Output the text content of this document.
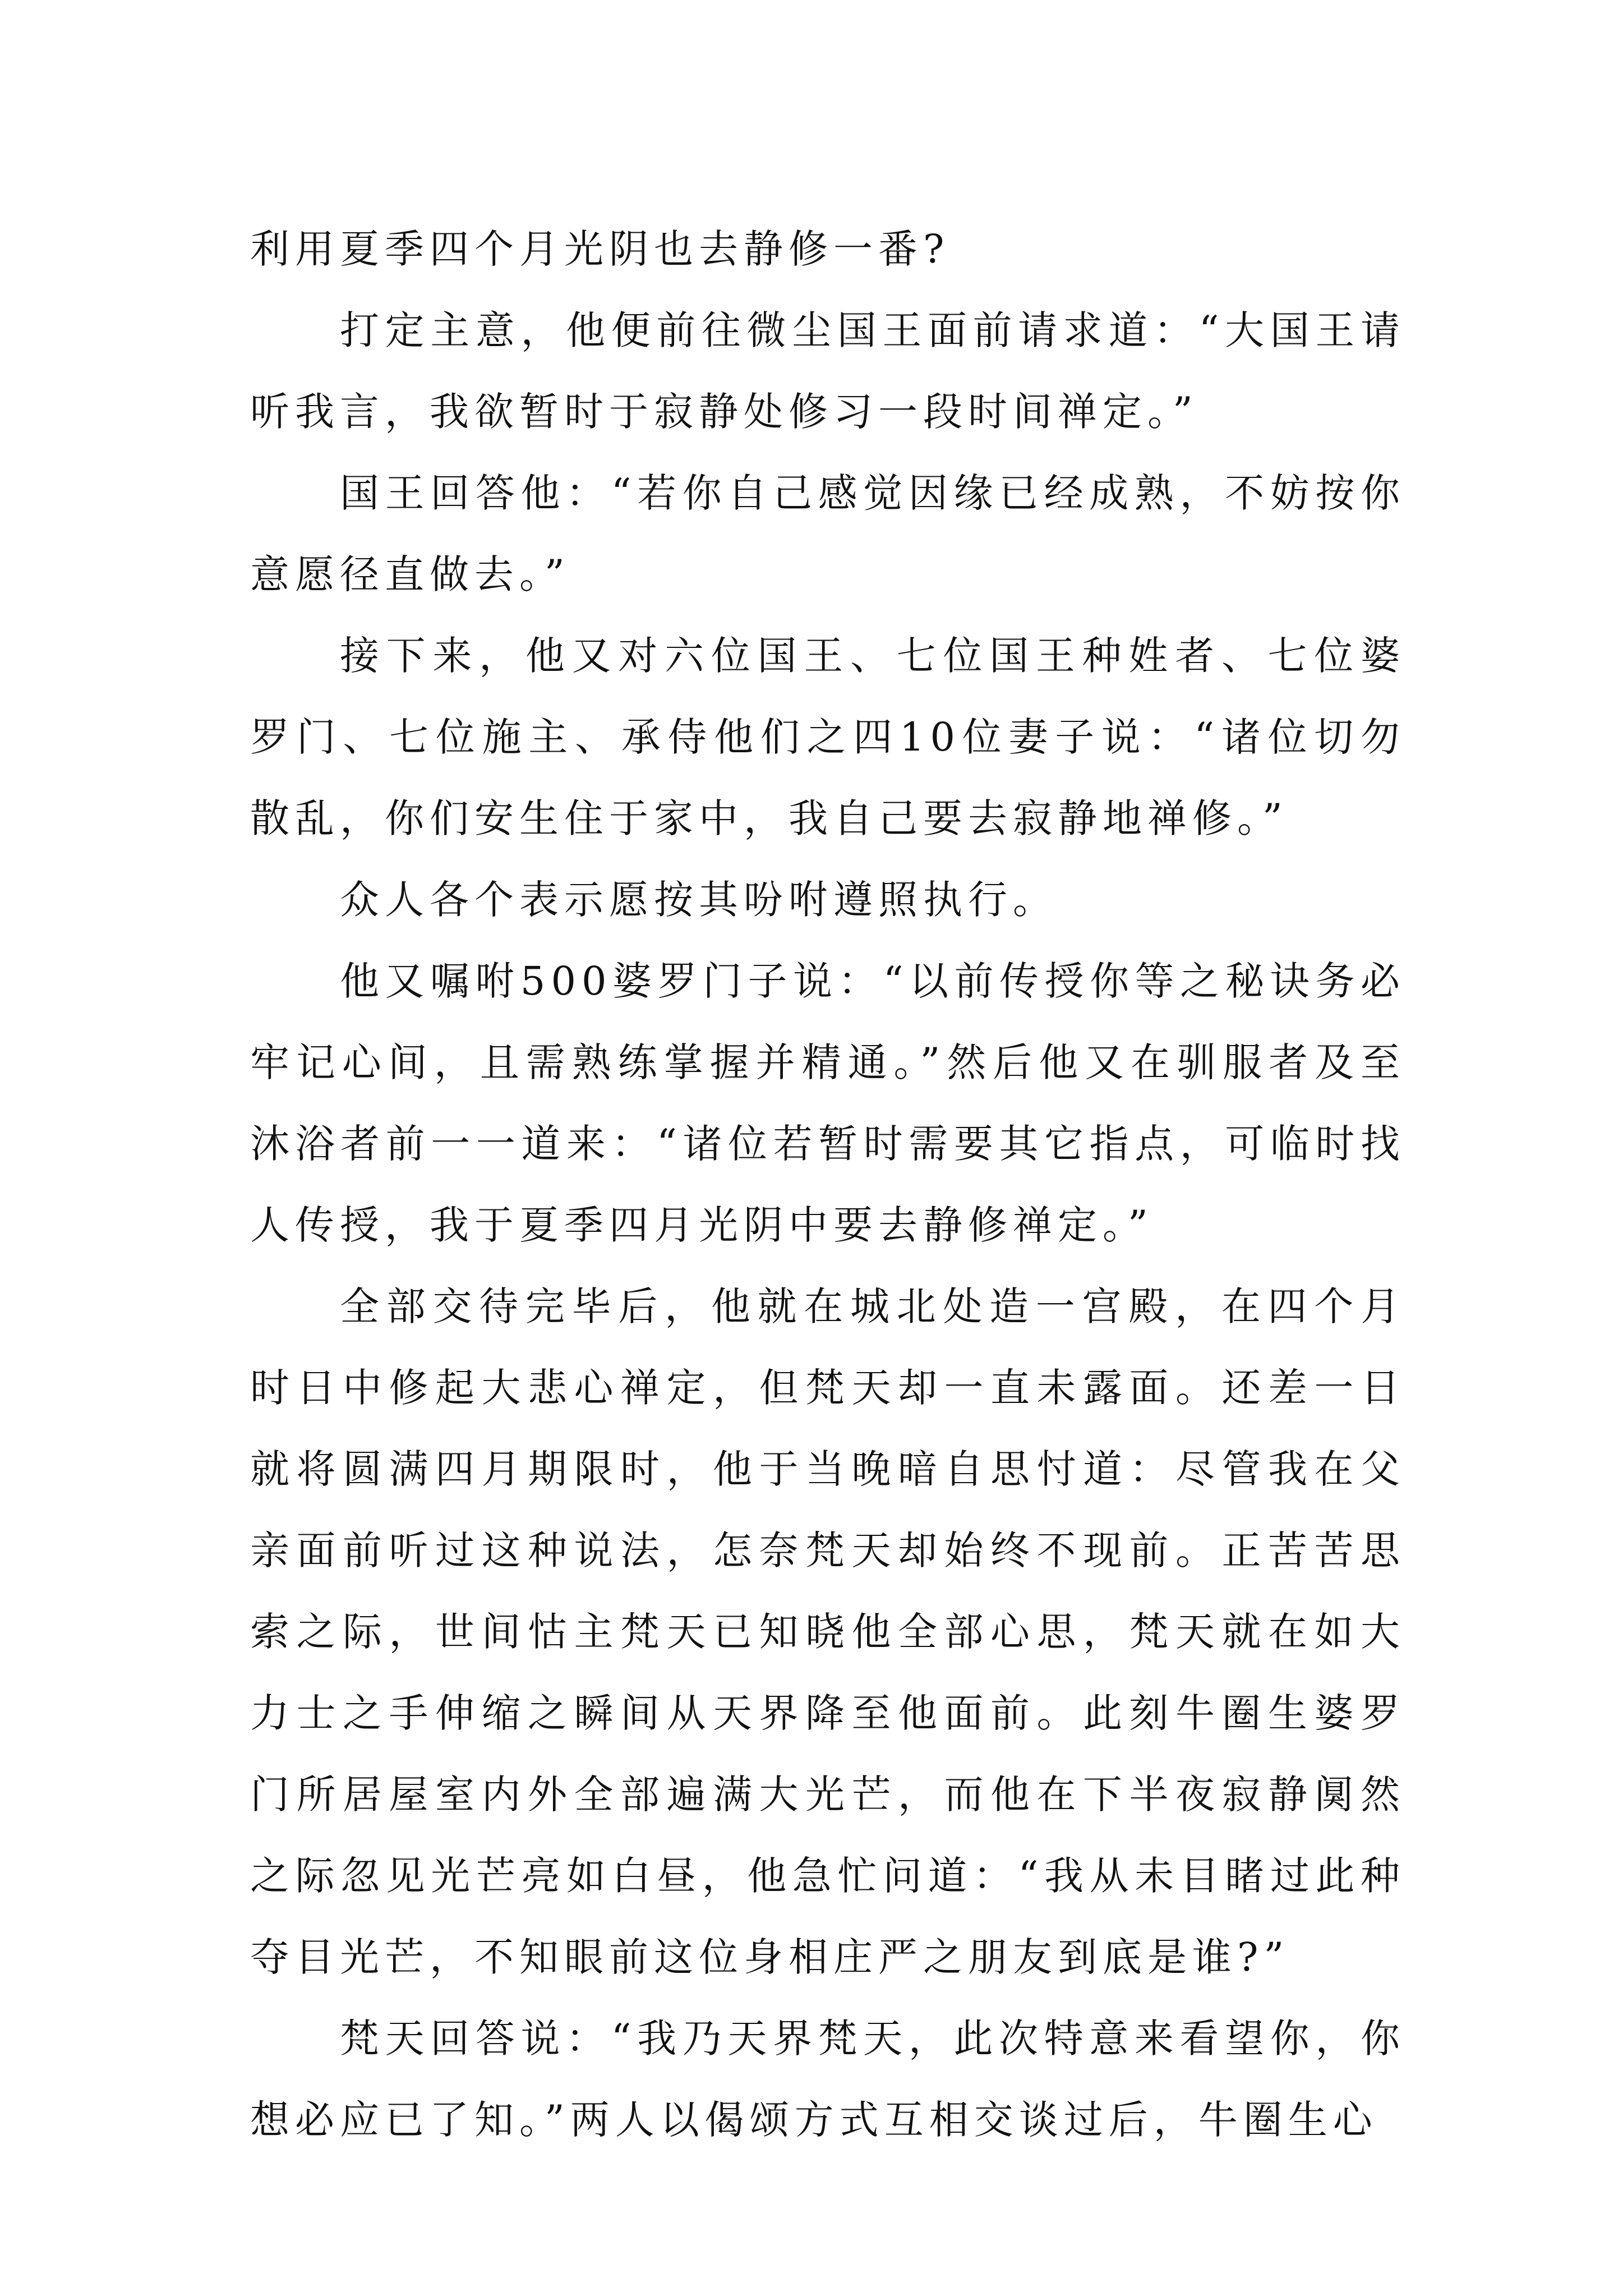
利用夏季四个月光阴也去静修一番?

打定主意，他便前往微尘国王面前请求道：“大国王请听我言，我欲暂时于寂静处修习一段时间禅定。”

国王回答他：“若你自己感觉因缘已经成熟，不妨按你意愿径直做去。”

接下来，他又对六位国王、七位国王种姓者、七位婆罗门、七位施主、承侍他们之四10位妻子说：“诸位切勿散乱，你们安生住于家中，我自己要去寂静地禅修。”

众人各个表示愿按其吩咐遵照执行。

他又嘱咐500婆罗门子说：“以前传授你等之秘诀务必牢记心间，且需熟练掌握并精通。”然后他又在驯服者及至沐浴者前一一道来：“诸位若暂时需要其它指点，可临时找人传授，我于夏季四月光阴中要去静修禅定。”

全部交待完毕后，他就在城北处造一宫殿，在四个月时日中修起大悲心禅定，但梵天却一直未露面。还差一日就将圆满四月期限时，他于当晚暗自思忖道：尽管我在父亲面前听过这种说法，怎奈梵天却始终不现前。正苦苦思索之际，世间怙主梵天已知晓他全部心思，梵天就在如大力士之手伸缩之瞬间从天界降至他面前。此刻牛圈生婆罗门所居屋室内外全部遍满大光芒，而他在下半夜寂静阒然之际忽见光芒亮如白昼，他急忙问道：“我从未目睹过此种夺目光芒，不知眼前这位身相庄严之朋友到底是谁?”

梵天回答说：“我乃天界梵天，此次特意来看望你，你想必应已了知。”两人以偈颂方式互相交谈过后，牛圈生心
